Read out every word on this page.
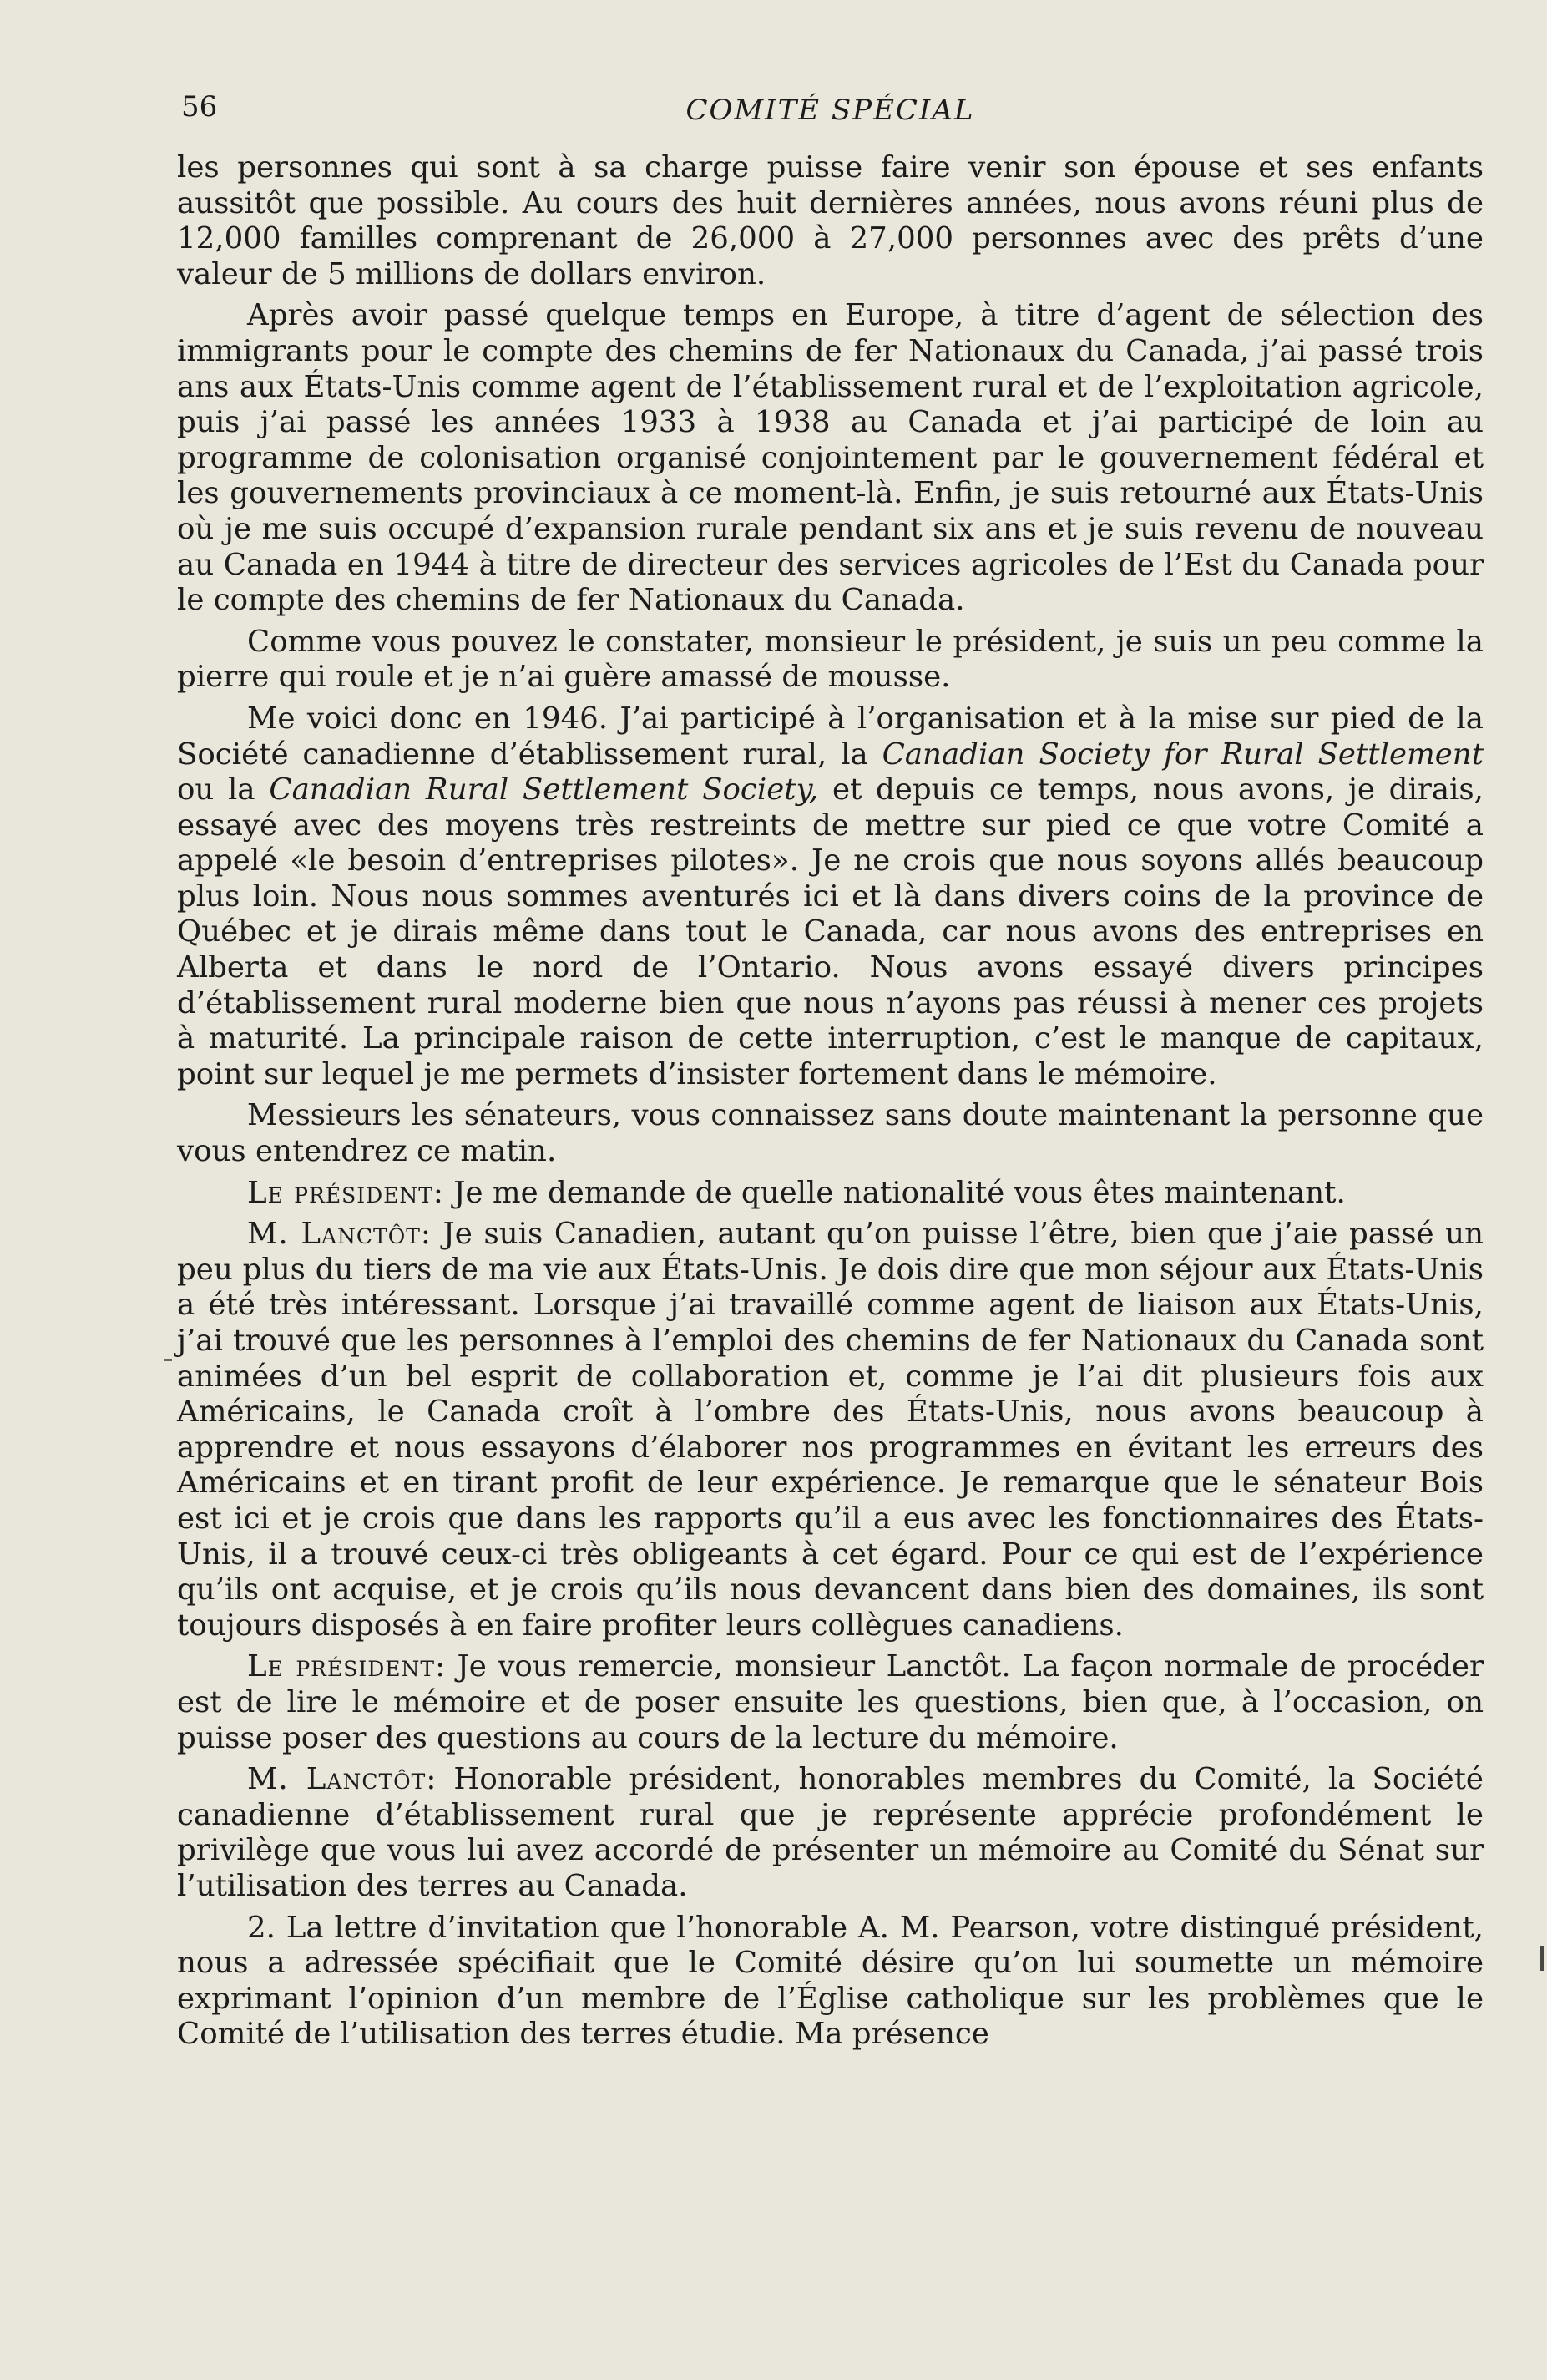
56	COMITÉ SPÉCIAL

les personnes qui sont à sa charge puisse faire venir son épouse et ses enfants aussitôt que possible. Au cours des huit dernières années, nous avons réuni plus de 12,000 familles comprenant de 26,000 à 27,000 personnes avec des prêts d’une valeur de 5 millions de dollars environ.

Après avoir passé quelque temps en Europe, à titre d’agent de sélection des immigrants pour le compte des chemins de fer Nationaux du Canada, j’ai passé trois ans aux États-Unis comme agent de l’établissement rural et de l’exploitation agricole, puis j’ai passé les années 1933 à 1938 au Canada et j’ai participé de loin au programme de colonisation organisé conjointement par le gouvernement fédéral et les gouvernements provinciaux à ce moment-là. Enfin, je suis retourné aux États-Unis où je me suis occupé d’expansion rurale pendant six ans et je suis revenu de nouveau au Canada en 1944 à titre de directeur des services agricoles de l’Est du Canada pour le compte des chemins de fer Nationaux du Canada.

Comme vous pouvez le constater, monsieur le président, je suis un peu comme la pierre qui roule et je n’ai guère amassé de mousse.

Me voici donc en 1946. J’ai participé à l’organisation et à la mise sur pied de la Société canadienne d’établissement rural, la Canadian Society for Rural Settlement ou la Canadian Rural Settlement Society, et depuis ce temps, nous avons, je dirais, essayé avec des moyens très restreints de mettre sur pied ce que votre Comité a appelé «le besoin d’entreprises pilotes». Je ne crois que nous soyons allés beaucoup plus loin. Nous nous sommes aventurés ici et là dans divers coins de la province de Québec et je dirais même dans tout le Canada, car nous avons des entreprises en Alberta et dans le nord de l’Ontario. Nous avons essayé divers principes d’établissement rural moderne bien que nous n’ayons pas réussi à mener ces projets à maturité. La principale raison de cette interruption, c’est le manque de capitaux, point sur lequel je me permets d’insister fortement dans le mémoire.

Messieurs les sénateurs, vous connaissez sans doute maintenant la personne que vous entendrez ce matin.

Le président: Je me demande de quelle nationalité vous êtes maintenant.

M. Lanctôt: Je suis Canadien, autant qu’on puisse l’être, bien que j’aie passé un peu plus du tiers de ma vie aux États-Unis. Je dois dire que mon séjour aux États-Unis a été très intéressant. Lorsque j’ai travaillé comme agent de liaison aux États-Unis, j’ai trouvé que les personnes à l’emploi des chemins de fer Nationaux du Canada sont animées d’un bel esprit de collaboration et, comme je l’ai dit plusieurs fois aux Américains, le Canada croît à l’ombre des États-Unis, nous avons beaucoup à apprendre et nous essayons d’élaborer nos programmes en évitant les erreurs des Américains et en tirant profit de leur expérience. Je remarque que le sénateur Bois est ici et je crois que dans les rapports qu’il a eus avec les fonctionnaires des États-Unis, il a trouvé ceux-ci très obligeants à cet égard. Pour ce qui est de l’expérience qu’ils ont acquise, et je crois qu’ils nous devancent dans bien des domaines, ils sont toujours disposés à en faire profiter leurs collègues canadiens.

Le président: Je vous remercie, monsieur Lanctôt. La façon normale de procéder est de lire le mémoire et de poser ensuite les questions, bien que, à l’occasion, on puisse poser des questions au cours de la lecture du mémoire.

M. Lanctôt: Honorable président, honorables membres du Comité, la Société canadienne d’établissement rural que je représente apprécie profondément le privilège que vous lui avez accordé de présenter un mémoire au Comité du Sénat sur l’utilisation des terres au Canada.

2. La lettre d’invitation que l’honorable A. M. Pearson, votre distingué président, nous a adressée spécifiait que le Comité désire qu’on lui soumette un mémoire exprimant l’opinion d’un membre de l’Église catholique sur les problèmes que le Comité de l’utilisation des terres étudie. Ma présence
